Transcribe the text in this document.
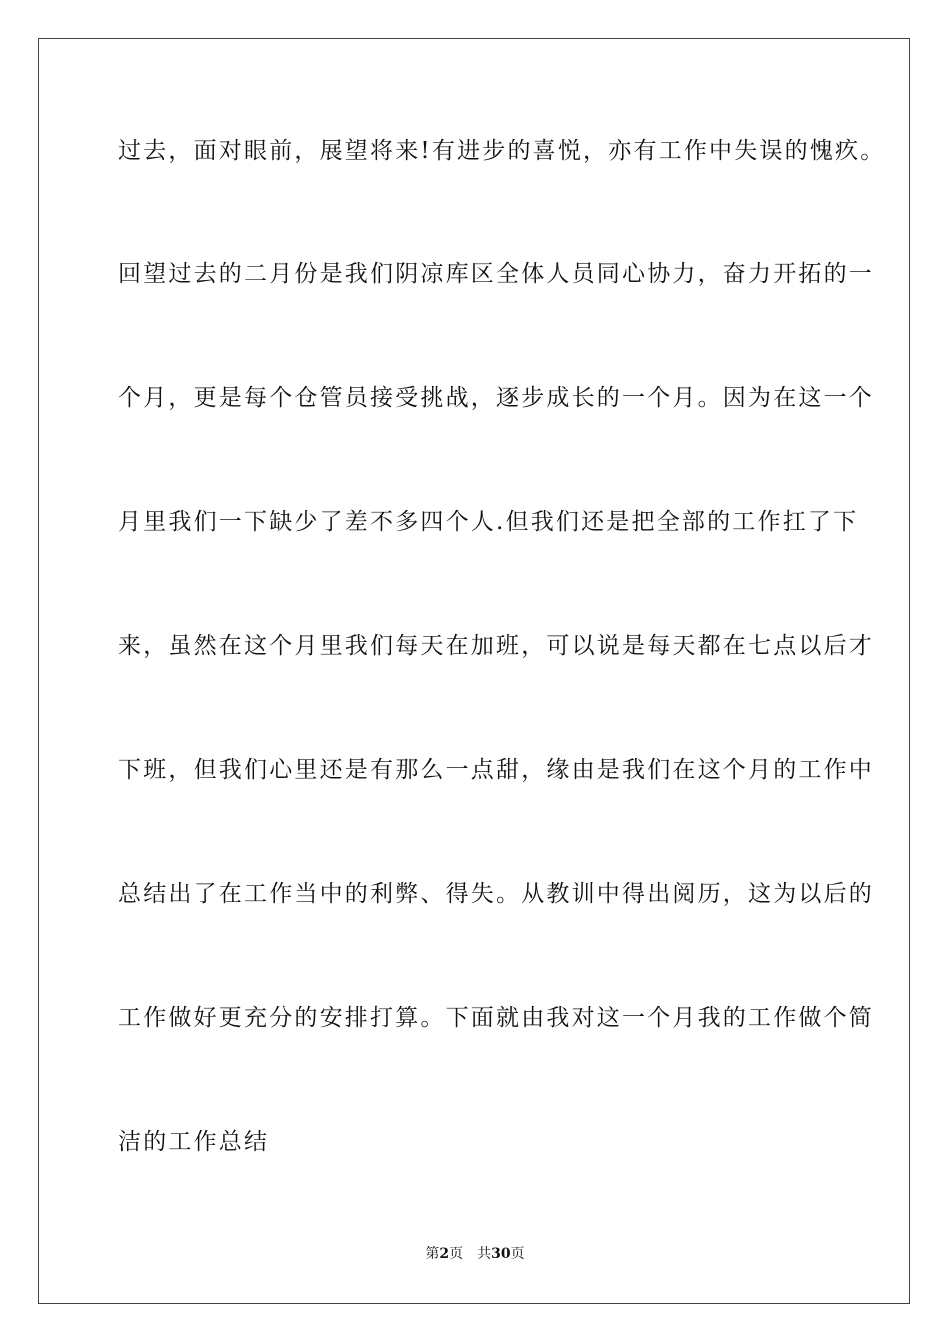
过去，面对眼前，展望将来!有进步的喜悦，亦有工作中失误的愧疚。
回望过去的二月份是我们阴凉库区全体人员同心协力，奋力开拓的一
个月，更是每个仓管员接受挑战，逐步成长的一个月。因为在这一个
月里我们一下缺少了差不多四个人.但我们还是把全部的工作扛了下
来，虽然在这个月里我们每天在加班，可以说是每天都在七点以后才
下班，但我们心里还是有那么一点甜，缘由是我们在这个月的工作中
总结出了在工作当中的利弊、得失。从教训中得出阅历，这为以后的
工作做好更充分的安排打算。下面就由我对这一个月我的工作做个简
洁的工作总结
第2页 共30页
